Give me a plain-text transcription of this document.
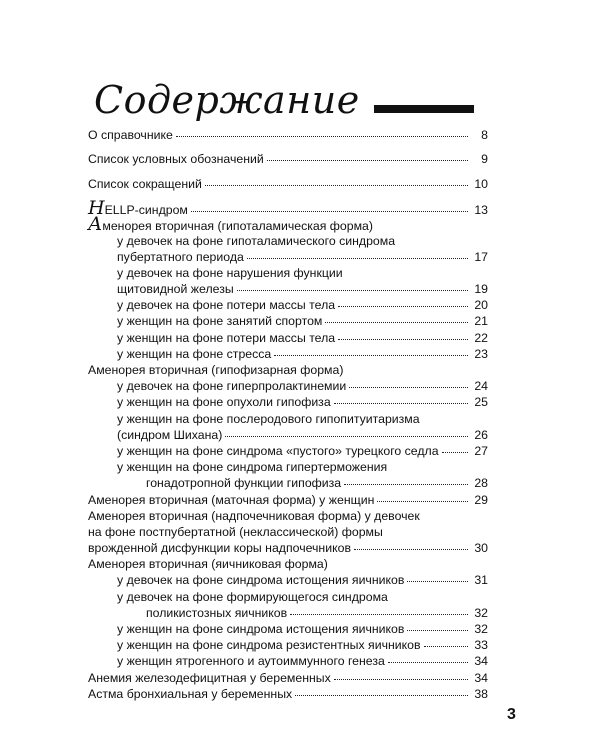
Содержание
О справочнике	8
Список условных обозначений	9
Список сокращений	10
HELLP-синдром	13
Аменорея вторичная (гипоталамическая форма)
у девочек на фоне гипоталамического синдрома
пубертатного периода	17
у девочек на фоне нарушения функции
щитовидной железы	19
у девочек на фоне потери массы тела	20
у женщин на фоне занятий спортом	21
у женщин на фоне потери массы тела	22
у женщин на фоне стресса	23
Аменорея вторичная (гипофизарная форма)
у девочек на фоне гиперпролактинемии	24
у женщин на фоне опухоли гипофиза	25
у женщин на фоне послеродового гипопитуитаризма
(синдром Шихана)	26
у женщин на фоне синдрома «пустого» турецкого седла	27
у женщин на фоне синдрома гипертерможения
гонадотропной функции гипофиза	28
Аменорея вторичная (маточная форма) у женщин	29
Аменорея вторичная (надпочечниковая форма) у девочек
на фоне постпубертатной (неклассической) формы
врожденной дисфункции коры надпочечников	30
Аменорея вторичная (яичниковая форма)
у девочек на фоне синдрома истощения яичников	31
у девочек на фоне формирующегося синдрома
поликистозных яичников	32
у женщин на фоне синдрома истощения яичников	32
у женщин на фоне синдрома резистентных яичников	33
у женщин ятрогенного и аутоиммунного генеза	34
Анемия железодефицитная у беременных	34
Астма бронхиальная у беременных	38
3
